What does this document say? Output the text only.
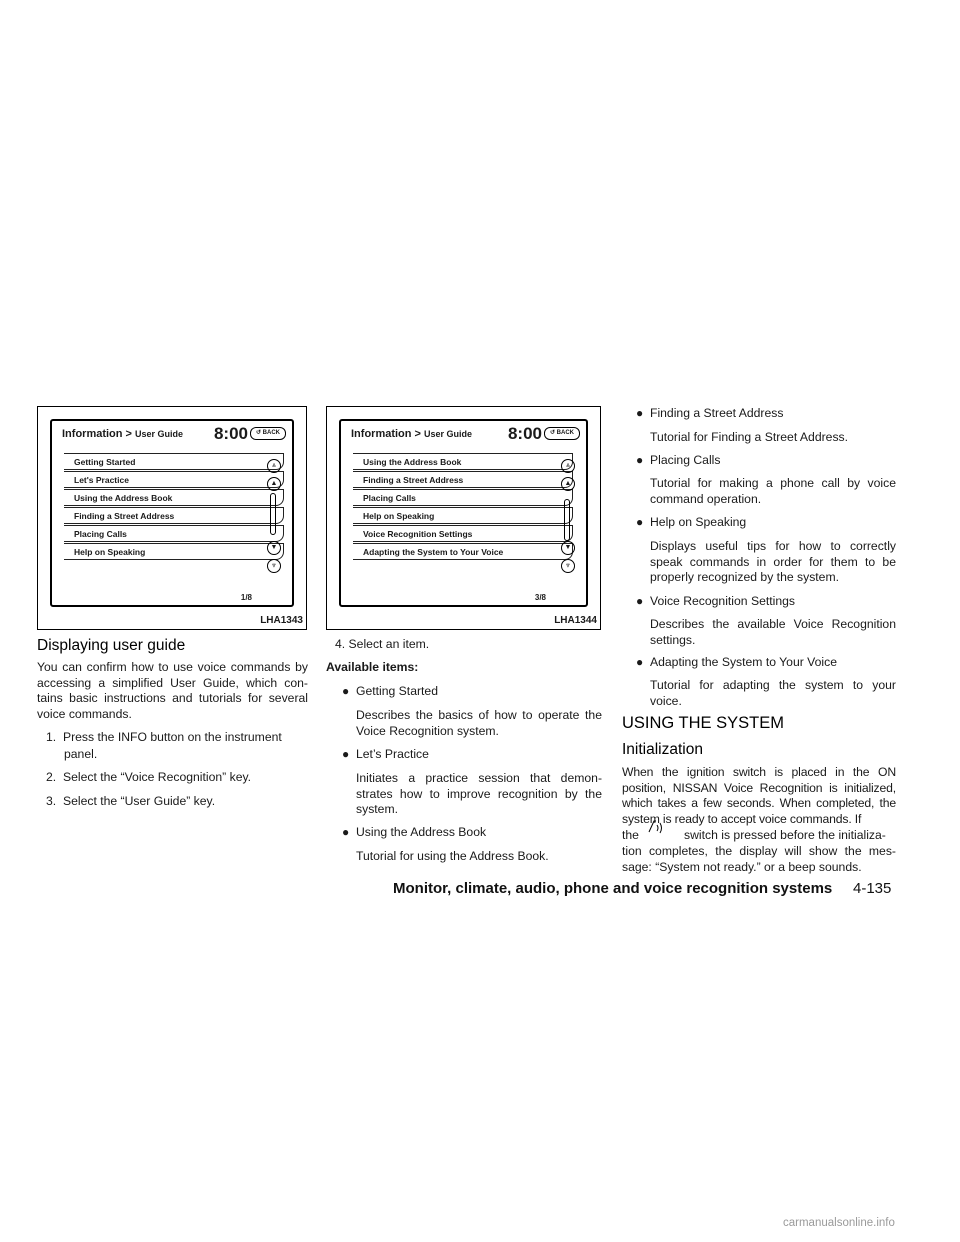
Information > User Guide 8:00	↺ BACK
Getting Started
Let's Practice
Using the Address Book
Finding a Street Address
Placing Calls
Help on Speaking
⩓
▲
▼
⩔
1/8
LHA1343
Information > User Guide 8:00	↺ BACK
Using the Address Book
Finding a Street Address
Placing Calls
Help on Speaking
Voice Recognition Settings
Adapting the System to Your Voice
⩓
▲
▼
⩔
3/8
LHA1344
Displaying user guide
You can confirm how to use voice commands by accessing a simplified User Guide, which con- tains basic instructions and tutorials for several voice commands.
1. Press the INFO button on the instrument
panel.
2. Select the “Voice Recognition” key.
3. Select the “User Guide” key.
4. Select an item.
Available items:
● Getting Started
Describes the basics of how to operate the Voice Recognition system.
● Let’s Practice
Initiates a practice session that demon- strates how to improve recognition by the system.
● Using the Address Book
Tutorial for using the Address Book.
● Finding a Street Address
Tutorial for Finding a Street Address.
● Placing Calls
Tutorial for making a phone call by voice command operation.
● Help on Speaking
Displays useful tips for how to correctly speak commands in order for them to be properly recognized by the system.
● Voice Recognition Settings
Describes the available Voice Recognition settings.
● Adapting the System to Your Voice
Tutorial for adapting the system to your voice.
USING THE SYSTEM
Initialization
When the ignition switch is placed in the ON position, NISSAN Voice Recognition is initialized, which takes a few seconds. When completed, the system is ready to accept voice commands. If
the	switch is pressed before the initializa-
tion completes, the display will show the mes- sage: “System not ready.” or a beep sounds.
Monitor, climate, audio, phone and voice recognition systems 4-135
carmanualsonline.info
